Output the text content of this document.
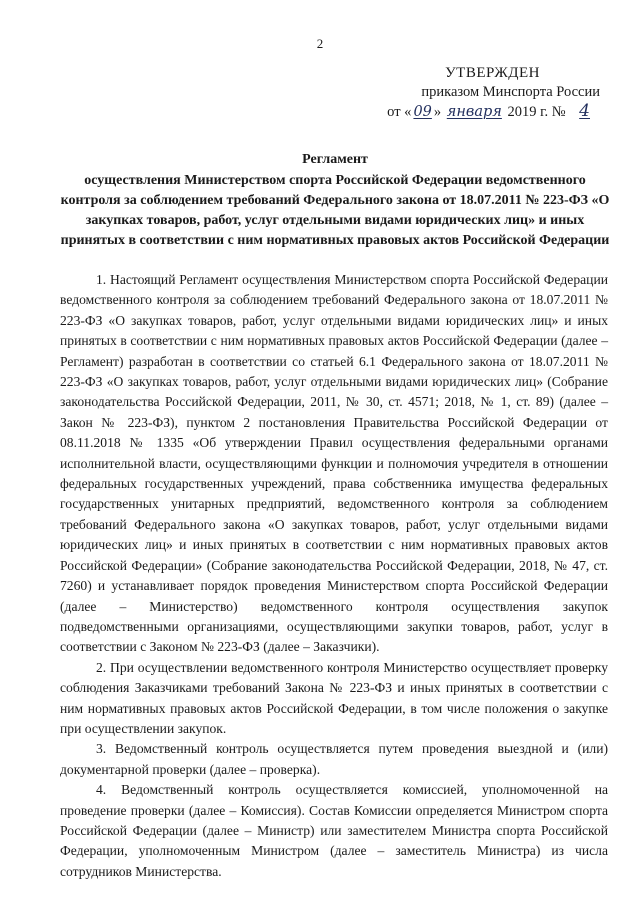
2
УТВЕРЖДЕН
приказом Минспорта России
от « 09 » января 2019 г. № 4
Регламент
осуществления Министерством спорта Российской Федерации ведомственного контроля за соблюдением требований Федерального закона от 18.07.2011 № 223-ФЗ «О закупках товаров, работ, услуг отдельными видами юридических лиц» и иных принятых в соответствии с ним нормативных правовых актов Российской Федерации

1. Настоящий Регламент осуществления Министерством спорта Российской Федерации ведомственного контроля за соблюдением требований Федерального закона от 18.07.2011 № 223-ФЗ «О закупках товаров, работ, услуг отдельными видами юридических лиц» и иных принятых в соответствии с ним нормативных правовых актов Российской Федерации (далее – Регламент) разработан в соответствии со статьей 6.1 Федерального закона от 18.07.2011 № 223-ФЗ «О закупках товаров, работ, услуг отдельными видами юридических лиц» (Собрание законодательства Российской Федерации, 2011, № 30, ст. 4571; 2018, № 1, ст. 89) (далее – Закон № 223-ФЗ), пунктом 2 постановления Правительства Российской Федерации от 08.11.2018 № 1335 «Об утверждении Правил осуществления федеральными органами исполнительной власти, осуществляющими функции и полномочия учредителя в отношении федеральных государственных учреждений, права собственника имущества федеральных государственных унитарных предприятий, ведомственного контроля за соблюдением требований Федерального закона «О закупках товаров, работ, услуг отдельными видами юридических лиц» и иных принятых в соответствии с ним нормативных правовых актов Российской Федерации» (Собрание законодательства Российской Федерации, 2018, № 47, ст. 7260) и устанавливает порядок проведения Министерством спорта Российской Федерации (далее – Министерство) ведомственного контроля осуществления закупок подведомственными организациями, осуществляющими закупки товаров, работ, услуг в соответствии с Законом № 223-ФЗ (далее – Заказчики).

2. При осуществлении ведомственного контроля Министерство осуществляет проверку соблюдения Заказчиками требований Закона № 223-ФЗ и иных принятых в соответствии с ним нормативных правовых актов Российской Федерации, в том числе положения о закупке при осуществлении закупок.

3. Ведомственный контроль осуществляется путем проведения выездной и (или) документарной проверки (далее – проверка).

4. Ведомственный контроль осуществляется комиссией, уполномоченной на проведение проверки (далее – Комиссия). Состав Комиссии определяется Министром спорта Российской Федерации (далее – Министр) или заместителем Министра спорта Российской Федерации, уполномоченным Министром (далее – заместитель Министра) из числа сотрудников Министерства.
